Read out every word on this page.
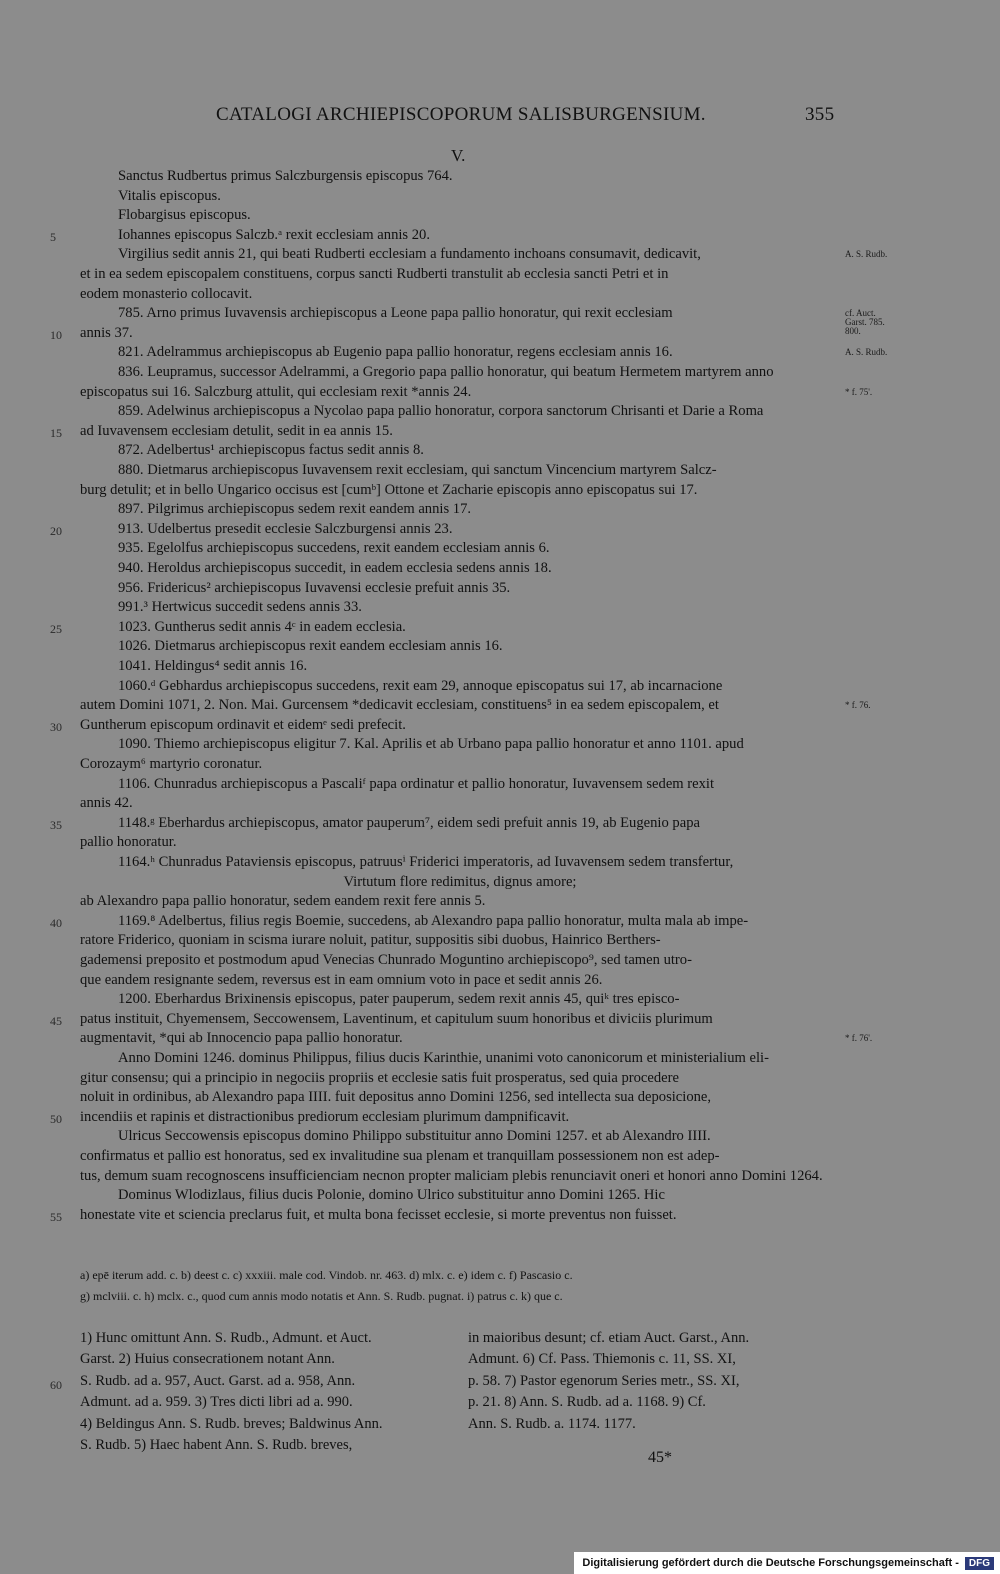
CATALOGI ARCHIEPISCOPORUM SALISBURGENSIUM.	355
V.
Sanctus Rudbertus primus Salczburgensis episcopus 764.
Vitalis episcopus.
Flobargisus episcopus.
Iohannes episcopus Salczb.ᵃ rexit ecclesiam annis 20.
5
Virgilius sedit annis 21, qui beati Rudberti ecclesiam a fundamento inchoans consumavit, dedicavit,	A. S. Rudb.
et in ea sedem episcopalem constituens, corpus sancti Rudberti transtulit ab ecclesia sancti Petri et in
eodem monasterio collocavit.
785. Arno primus Iuvavensis archiepiscopus a Leone papa pallio honoratur, qui rexit ecclesiam	cf. Auct.
Garst. 785.
800.
annis 37.
10
821. Adelrammus archiepiscopus ab Eugenio papa pallio honoratur, regens ecclesiam annis 16.	A. S. Rudb.
836. Leupramus, successor Adelrammi, a Gregorio papa pallio honoratur, qui beatum Hermetem martyrem anno
episcopatus sui 16. Salczburg attulit, qui ecclesiam rexit *annis 24.	* f. 75'.
859. Adelwinus archiepiscopus a Nycolao papa pallio honoratur, corpora sanctorum Chrisanti et Darie a Roma
ad Iuvavensem ecclesiam detulit, sedit in ea annis 15.
15
872. Adelbertus¹ archiepiscopus factus sedit annis 8.
880. Dietmarus archiepiscopus Iuvavensem rexit ecclesiam, qui sanctum Vincencium martyrem Salcz-
burg detulit; et in bello Ungarico occisus est [cumᵇ] Ottone et Zacharie episcopis anno episcopatus sui 17.
897. Pilgrimus archiepiscopus sedem rexit eandem annis 17.
913. Udelbertus presedit ecclesie Salczburgensi annis 23.
20
935. Egelolfus archiepiscopus succedens, rexit eandem ecclesiam annis 6.
940. Heroldus archiepiscopus succedit, in eadem ecclesia sedens annis 18.
956. Fridericus² archiepiscopus Iuvavensi ecclesie prefuit annis 35.
991.³ Hertwicus succedit sedens annis 33.
1023. Guntherus sedit annis 4ᶜ in eadem ecclesia.
25
1026. Dietmarus archiepiscopus rexit eandem ecclesiam annis 16.
1041. Heldingus⁴ sedit annis 16.
1060.ᵈ Gebhardus archiepiscopus succedens, rexit eam 29, annoque episcopatus sui 17, ab incarnacione
autem Domini 1071, 2. Non. Mai. Gurcensem *dedicavit ecclesiam, constituens⁵ in ea sedem episcopalem, et	* f. 76.
Guntherum episcopum ordinavit et eidemᵉ sedi prefecit.
30
1090. Thiemo archiepiscopus eligitur 7. Kal. Aprilis et ab Urbano papa pallio honoratur et anno 1101. apud
Corozaym⁶ martyrio coronatur.
1106. Chunradus archiepiscopus a Pascaliᶠ papa ordinatur et pallio honoratur, Iuvavensem sedem rexit
annis 42.
1148.ᵍ Eberhardus archiepiscopus, amator pauperum⁷, eidem sedi prefuit annis 19, ab Eugenio papa
35
pallio honoratur.
1164.ʰ Chunradus Pataviensis episcopus, patruusⁱ Friderici imperatoris, ad Iuvavensem sedem transfertur,
Virtutum flore redimitus, dignus amore;
ab Alexandro papa pallio honoratur, sedem eandem rexit fere annis 5.
1169.⁸ Adelbertus, filius regis Boemie, succedens, ab Alexandro papa pallio honoratur, multa mala ab impe-
40
ratore Friderico, quoniam in scisma iurare noluit, patitur, suppositis sibi duobus, Hainrico Berthers-
gademensi preposito et postmodum apud Venecias Chunrado Moguntino archiepiscopo⁹, sed tamen utro-
que eandem resignante sedem, reversus est in eam omnium voto in pace et sedit annis 26.
1200. Eberhardus Brixinensis episcopus, pater pauperum, sedem rexit annis 45, quiᵏ tres episco-
patus instituit, Chyemensem, Seccowensem, Laventinum, et capitulum suum honoribus et diviciis plurimum
45
augmentavit, *qui ab Innocencio papa pallio honoratur.	* f. 76'.
Anno Domini 1246. dominus Philippus, filius ducis Karinthie, unanimi voto canonicorum et ministerialium eli-
gitur consensu; qui a principio in negociis propriis et ecclesie satis fuit prosperatus, sed quia procedere
noluit in ordinibus, ab Alexandro papa IIII. fuit depositus anno Domini 1256, sed intellecta sua deposicione,
incendiis et rapinis et distractionibus prediorum ecclesiam plurimum dampnificavit.
50
Ulricus Seccowensis episcopus domino Philippo substituitur anno Domini 1257. et ab Alexandro IIII.
confirmatus et pallio est honoratus, sed ex invalitudine sua plenam et tranquillam possessionem non est adep-
tus, demum suam recognoscens insufficienciam necnon propter maliciam plebis renunciavit oneri et honori anno Domini 1264.
Dominus Wlodizlaus, filius ducis Polonie, domino Ulrico substituitur anno Domini 1265. Hic
honestate vite et sciencia preclarus fuit, et multa bona fecisset ecclesie, si morte preventus non fuisset.
55
a) epē iterum add. c. b) deest c. c) xxxiii. male cod. Vindob. nr. 463. d) mlx. c. e) idem c. f) Pascasio c.
g) mclviii. c. h) mclx. c., quod cum annis modo notatis et Ann. S. Rudb. pugnat. i) patrus c. k) que c.
1) Hunc omittunt Ann. S. Rudb., Admunt. et Auct.
Garst. 2) Huius consecrationem notant Ann.
S. Rudb. ad a. 957, Auct. Garst. ad a. 958, Ann.
Admunt. ad a. 959. 3) Tres dicti libri ad a. 990.
4) Beldingus Ann. S. Rudb. breves; Baldwinus Ann.
S. Rudb. 5) Haec habent Ann. S. Rudb. breves,
in maioribus desunt; cf. etiam Auct. Garst., Ann.
Admunt. 6) Cf. Pass. Thiemonis c. 11, SS. XI,
p. 58. 7) Pastor egenorum Series metr., SS. XI,
p. 21. 8) Ann. S. Rudb. ad a. 1168. 9) Cf.
Ann. S. Rudb. a. 1174. 1177.
60
45*
Digitalisierung gefördert durch die Deutsche Forschungsgemeinschaft -	DFG
